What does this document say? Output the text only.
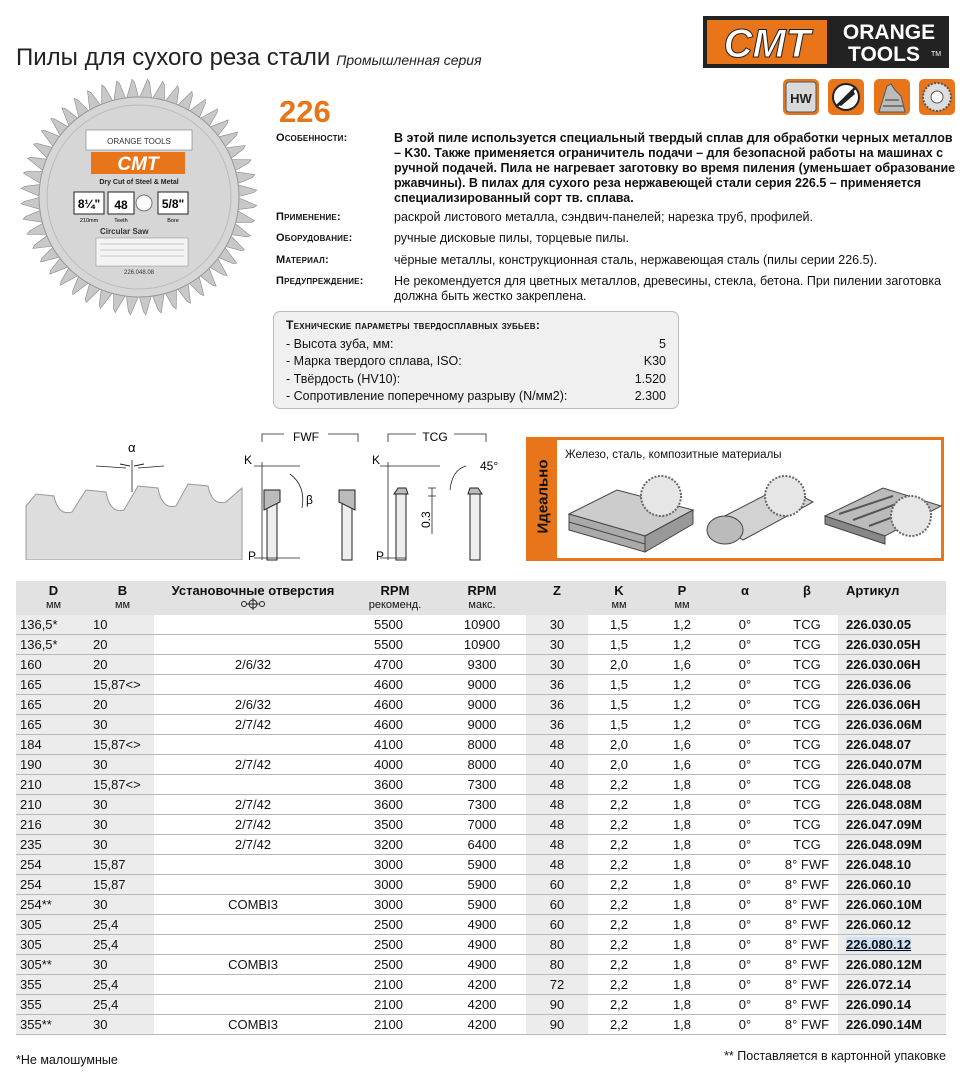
Пилы для сухого реза стали Промышленная серия	CMT ORANGE
TOOLS TM
ORANGE TOOLS
CMT
Dry Cut of Steel & Metal
8¼"
210mm
48
Teeth
5/8"
Bore
Circular Saw
226.048.08
226	HW

Особенности:	В этой пиле используется специальный твердый сплав для обработки черных металлов – K30. Также применяется ограничитель подачи – для безопасной работы на машинах с ручной подачей. Пила не нагревает заготовку во время пиления (уменьшает образование ржавчины). В пилах для сухого реза нержавеющей стали серия 226.5 – применяется специализированный сорт тв. сплава.
Применение:	раскрой листового металла, сэндвич-панелей; нарезка труб, профилей.
Оборудование:	ручные дисковые пилы, торцевые пилы.
Материал:	чёрные металлы, конструкционная сталь, нержавеющая сталь (пилы серии 226.5).
Предупреждение:	Не рекомендуется для цветных металлов, древесины, стекла, бетона. При пилении заготовка должна быть жестко закреплена.
Технические параметры твердосплавных зубьев:
- Высота зуба, мм:	5
- Марка твердого сплава, ISO:	K30
- Твёрдость (HV10):	1.520
- Сопротивление поперечному разрыву (N/мм2):	2.300
α
FWF
K
β
P
TCG
K
0.3
45°
P
Идеально
Железо, сталь, композитные материалы
D
мм	B
мм	Установочные отверстия	RPM
рекоменд.	RPM
макс.	Z	K
мм	P
мм	α	β	Артикул

136,5*	10		5500	10900	30	1,5	1,2	0°	TCG	226.030.05
136,5*	20		5500	10900	30	1,5	1,2	0°	TCG	226.030.05H
160	20	2/6/32	4700	9300	30	2,0	1,6	0°	TCG	226.030.06H
165	15,87<>		4600	9000	36	1,5	1,2	0°	TCG	226.036.06
165	20	2/6/32	4600	9000	36	1,5	1,2	0°	TCG	226.036.06H
165	30	2/7/42	4600	9000	36	1,5	1,2	0°	TCG	226.036.06M
184	15,87<>		4100	8000	48	2,0	1,6	0°	TCG	226.048.07
190	30	2/7/42	4000	8000	40	2,0	1,6	0°	TCG	226.040.07M
210	15,87<>		3600	7300	48	2,2	1,8	0°	TCG	226.048.08
210	30	2/7/42	3600	7300	48	2,2	1,8	0°	TCG	226.048.08M
216	30	2/7/42	3500	7000	48	2,2	1,8	0°	TCG	226.047.09M
235	30	2/7/42	3200	6400	48	2,2	1,8	0°	TCG	226.048.09M
254	15,87		3000	5900	48	2,2	1,8	0°	8° FWF	226.048.10
254	15,87		3000	5900	60	2,2	1,8	0°	8° FWF	226.060.10
254**	30	COMBI3	3000	5900	60	2,2	1,8	0°	8° FWF	226.060.10M
305	25,4		2500	4900	60	2,2	1,8	0°	8° FWF	226.060.12
305	25,4		2500	4900	80	2,2	1,8	0°	8° FWF	226.080.12
305**	30	COMBI3	2500	4900	80	2,2	1,8	0°	8° FWF	226.080.12M
355	25,4		2100	4200	72	2,2	1,8	0°	8° FWF	226.072.14
355	25,4		2100	4200	90	2,2	1,8	0°	8° FWF	226.090.14
355**	30	COMBI3	2100	4200	90	2,2	1,8	0°	8° FWF	226.090.14M
*Не малошумные	** Поставляется в картонной упаковке
